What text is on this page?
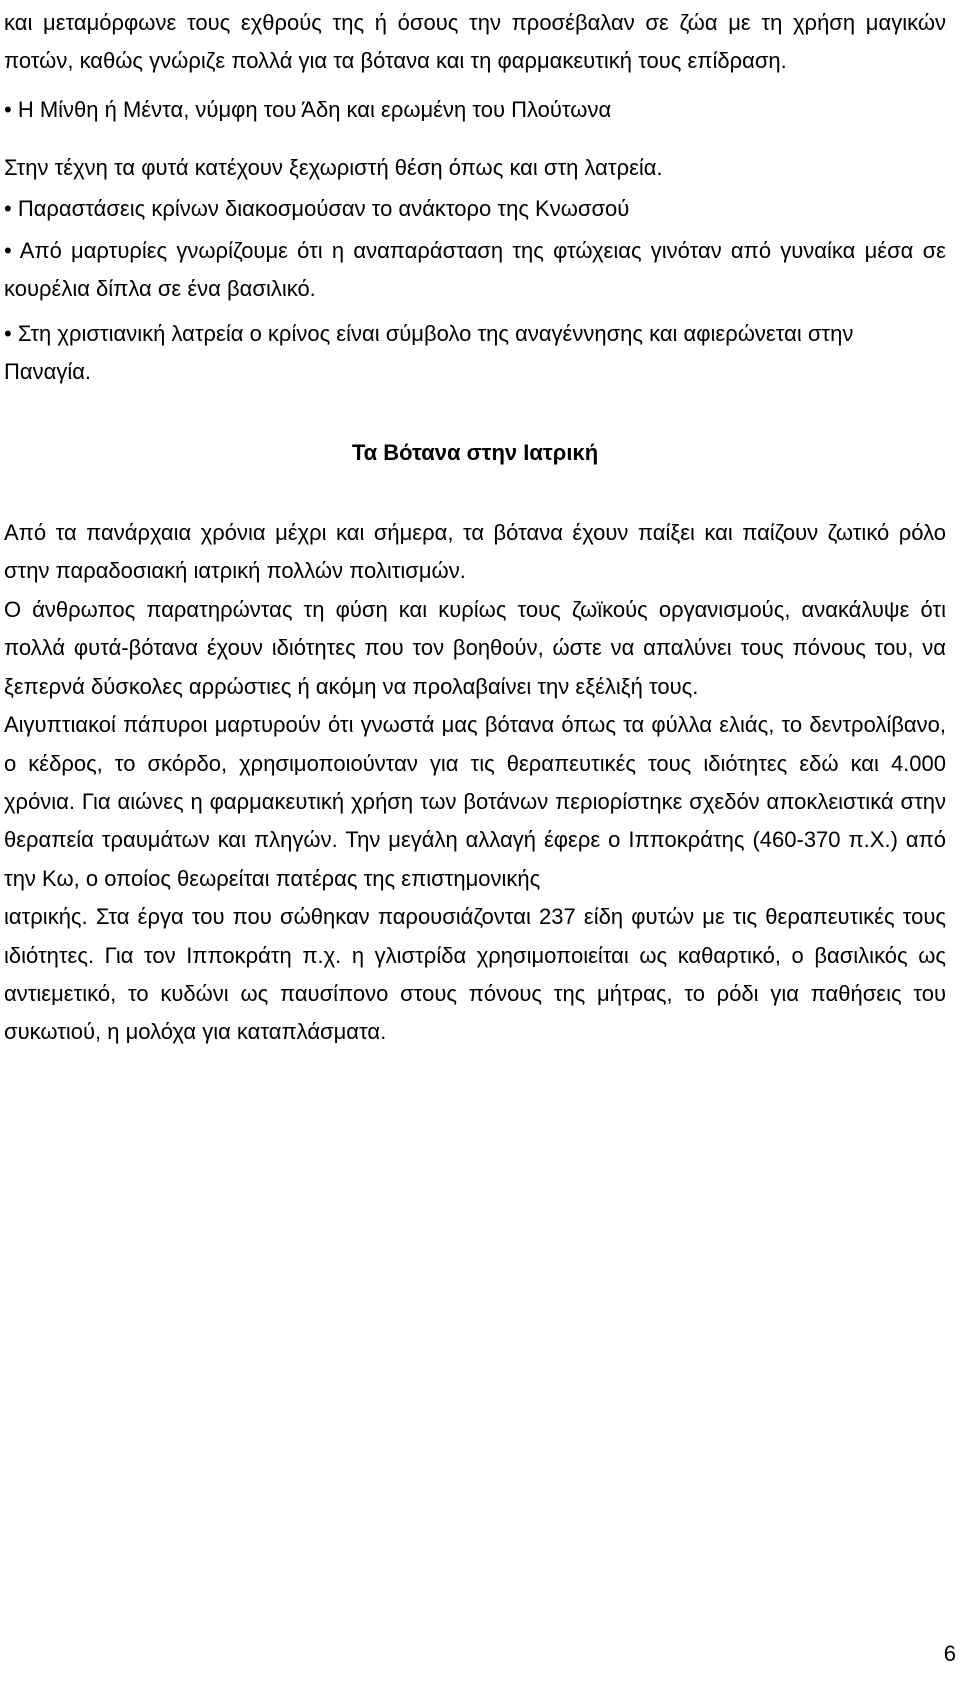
και μεταμόρφωνε τους εχθρούς της ή όσους την προσέβαλαν σε ζώα με τη χρήση μαγικών ποτών, καθώς γνώριζε πολλά για τα βότανα και τη φαρμακευτική τους επίδραση.

• Η Μίνθη ή Μέντα, νύμφη του Άδη και ερωμένη του Πλούτωνα

Στην τέχνη τα φυτά κατέχουν ξεχωριστή θέση όπως και στη λατρεία.

• Παραστάσεις κρίνων διακοσμούσαν το ανάκτορο της Κνωσσού

• Από μαρτυρίες γνωρίζουμε ότι η αναπαράσταση της φτώχειας γινόταν από γυναίκα μέσα σε κουρέλια δίπλα σε ένα βασιλικό.

• Στη χριστιανική λατρεία ο κρίνος είναι σύμβολο της αναγέννησης και αφιερώνεται στην Παναγία.

Τα Βότανα στην Ιατρική

Από τα πανάρχαια χρόνια μέχρι και σήμερα, τα βότανα έχουν παίξει και παίζουν ζωτικό ρόλο στην παραδοσιακή ιατρική πολλών πολιτισμών.

Ο άνθρωπος παρατηρώντας τη φύση και κυρίως τους ζωϊκούς οργανισμούς, ανακάλυψε ότι πολλά φυτά-βότανα έχουν ιδιότητες που τον βοηθούν, ώστε να απαλύνει τους πόνους του, να ξεπερνά δύσκολες αρρώστιες ή ακόμη να προλαβαίνει την εξέλιξή τους.

Αιγυπτιακοί πάπυροι μαρτυρούν ότι γνωστά μας βότανα όπως τα φύλλα ελιάς, το δεντρολίβανο, ο κέδρος, το σκόρδο, χρησιμοποιούνταν για τις θεραπευτικές τους ιδιότητες εδώ και 4.000 χρόνια. Για αιώνες η φαρμακευτική χρήση των βοτάνων περιορίστηκε σχεδόν αποκλειστικά στην θεραπεία τραυμάτων και πληγών. Την μεγάλη αλλαγή έφερε ο Ιπποκράτης (460-370 π.Χ.) από την Κω, ο οποίος θεωρείται πατέρας της επιστημονικής

ιατρικής. Στα έργα του που σώθηκαν παρουσιάζονται 237 είδη φυτών με τις θεραπευτικές τους ιδιότητες. Για τον Ιπποκράτη π.χ. η γλιστρίδα χρησιμοποιείται ως καθαρτικό, ο βασιλικός ως αντιεμετικό, το κυδώνι ως παυσίπονο στους πόνους της μήτρας, το ρόδι για παθήσεις του συκωτιού, η μολόχα για καταπλάσματα.

6
